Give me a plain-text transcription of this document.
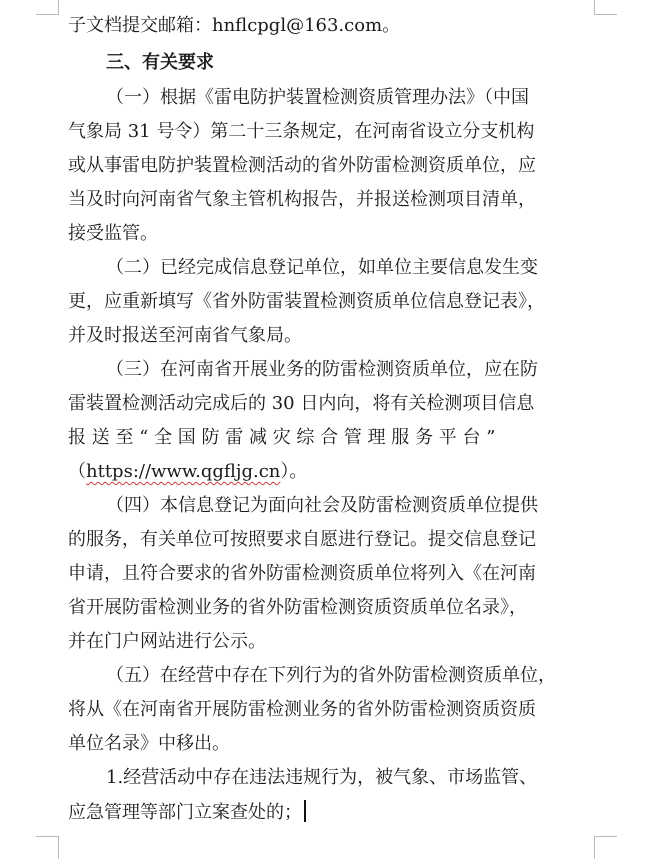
子文档提交邮箱：hnflcpgl@163.com。
三、有关要求
（一）根据《雷电防护装置检测资质管理办法》（中国
气象局 31 号令）第二十三条规定，在河南省设立分支机构
或从事雷电防护装置检测活动的省外防雷检测资质单位，应
当及时向河南省气象主管机构报告，并报送检测项目清单，
接受监管。
（二）已经完成信息登记单位，如单位主要信息发生变
更，应重新填写《省外防雷装置检测资质单位信息登记表》，
并及时报送至河南省气象局。
（三）在河南省开展业务的防雷检测资质单位，应在防
雷装置检测活动完成后的 30 日内向，将有关检测项目信息
报 送 至 “ 全 国 防 雷 减 灾 综 合 管 理 服 务 平 台 ”
（https://www.qgfljg.cn）。
（四）本信息登记为面向社会及防雷检测资质单位提供
的服务，有关单位可按照要求自愿进行登记。提交信息登记
申请，且符合要求的省外防雷检测资质单位将列入《在河南
省开展防雷检测业务的省外防雷检测资质资质单位名录》，
并在门户网站进行公示。
（五）在经营中存在下列行为的省外防雷检测资质单位，
将从《在河南省开展防雷检测业务的省外防雷检测资质资质
单位名录》中移出。
1.经营活动中存在违法违规行为，被气象、市场监管、
应急管理等部门立案查处的；
